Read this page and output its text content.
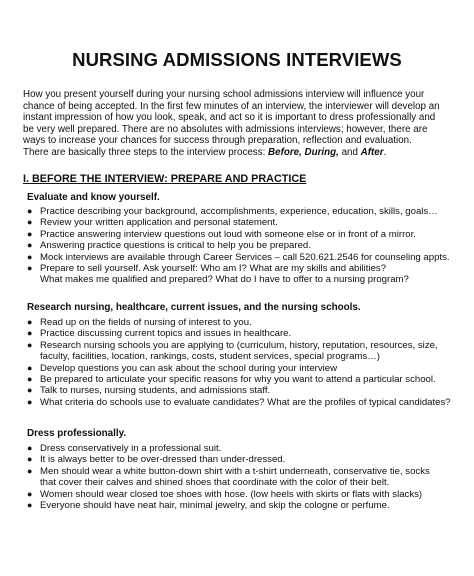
NURSING ADMISSIONS INTERVIEWS
How you present yourself during your nursing school admissions interview will influence your
chance of being accepted. In the first few minutes of an interview, the interviewer will develop an
instant impression of how you look, speak, and act so it is important to dress professionally and
be very well prepared. There are no absolutes with admissions interviews; however, there are
ways to increase your chances for success through preparation, reflection and evaluation.
There are basically three steps to the interview process: Before, During, and After.
I. BEFORE THE INTERVIEW: PREPARE AND PRACTICE
Evaluate and know yourself.
● Practice describing your background, accomplishments, experience, education, skills, goals…
● Review your written application and personal statement.
● Practice answering interview questions out loud with someone else or in front of a mirror.
● Answering practice questions is critical to help you be prepared.
● Mock interviews are available through Career Services – call 520.621.2546 for counseling appts.
● Prepare to sell yourself. Ask yourself: Who am I? What are my skills and abilities?
What makes me qualified and prepared? What do I have to offer to a nursing program?
Research nursing, healthcare, current issues, and the nursing schools.
● Read up on the fields of nursing of interest to you.
● Practice discussing current topics and issues in healthcare.
● Research nursing schools you are applying to (curriculum, history, reputation, resources, size,
faculty, facilities, location, rankings, costs, student services, special programs…)
● Develop questions you can ask about the school during your interview
● Be prepared to articulate your specific reasons for why you want to attend a particular school.
● Talk to nurses, nursing students, and admissions staff.
● What criteria do schools use to evaluate candidates? What are the profiles of typical candidates?
Dress professionally.
● Dress conservatively in a professional suit.
● It is always better to be over-dressed than under-dressed.
● Men should wear a white button-down shirt with a t-shirt underneath, conservative tie, socks
that cover their calves and shined shoes that coordinate with the color of their belt.
● Women should wear closed toe shoes with hose. (low heels with skirts or flats with slacks)
● Everyone should have neat hair, minimal jewelry, and skip the cologne or perfume.
